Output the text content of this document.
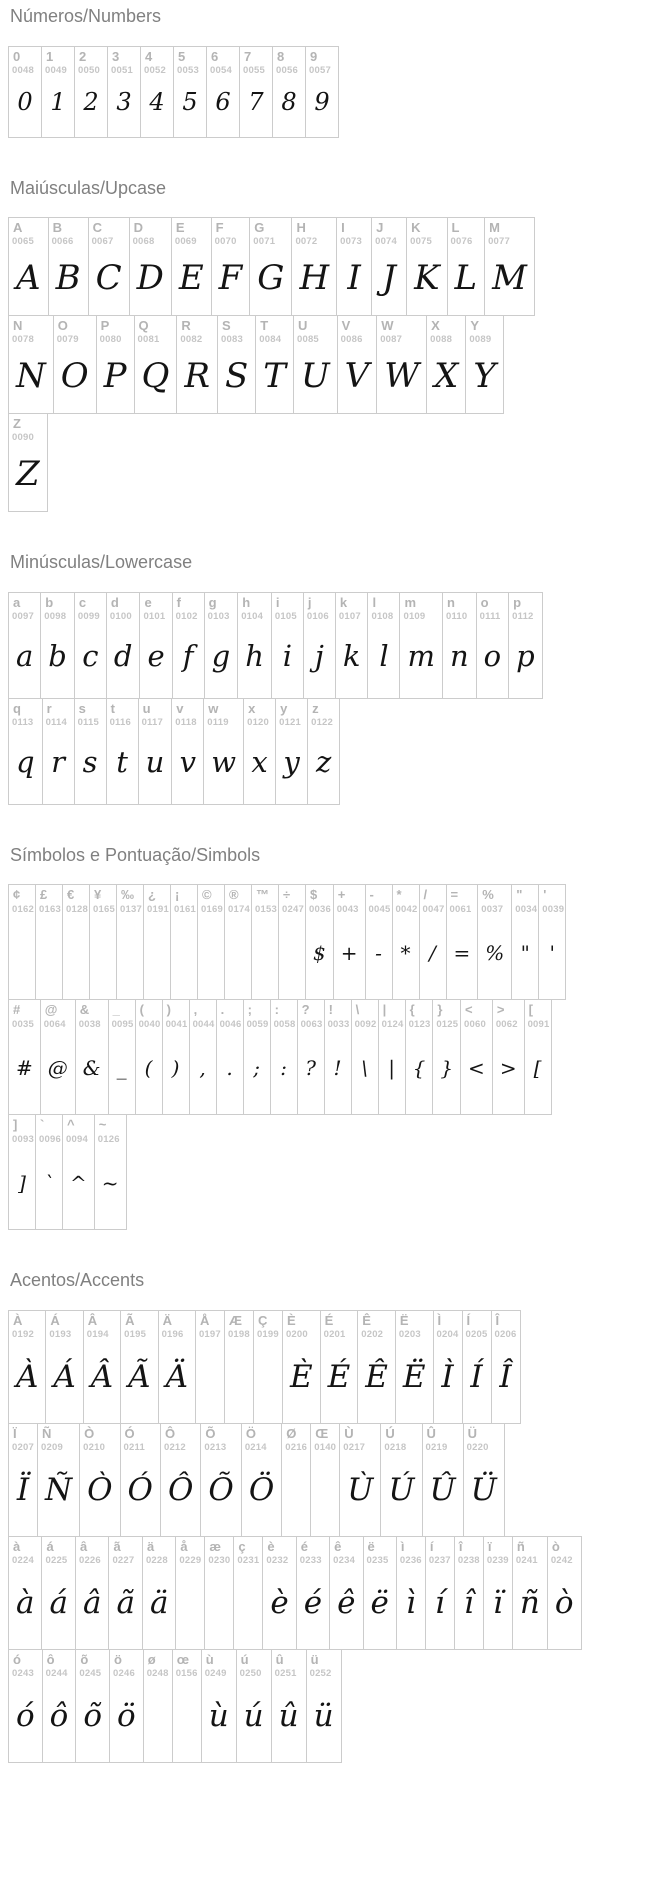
Números/Numbers
0
0048
0
1
0049
1
2
0050
2
3
0051
3
4
0052
4
5
0053
5
6
0054
6
7
0055
7
8
0056
8
9
0057
9
Maiúsculas/Upcase
A
0065
A
B
0066
B
C
0067
C
D
0068
D
E
0069
E
F
0070
F
G
0071
G
H
0072
H
I
0073
I
J
0074
J
K
0075
K
L
0076
L
M
0077
M
N
0078
N
O
0079
O
P
0080
P
Q
0081
Q
R
0082
R
S
0083
S
T
0084
T
U
0085
U
V
0086
V
W
0087
W
X
0088
X
Y
0089
Y
Z
0090
Z
Minúsculas/Lowercase
a
0097
a
b
0098
b
c
0099
c
d
0100
d
e
0101
e
f
0102
f
g
0103
g
h
0104
h
i
0105
i
j
0106
j
k
0107
k
l
0108
l
m
0109
m
n
0110
n
o
0111
o
p
0112
p
q
0113
q
r
0114
r
s
0115
s
t
0116
t
u
0117
u
v
0118
v
w
0119
w
x
0120
x
y
0121
y
z
0122
z
Símbolos e Pontuação/Simbols
¢
0162
£
0163
€
0128
¥
0165
‰
0137
¿
0191
¡
0161
©
0169
®
0174
™
0153
÷
0247
$
0036
$
+
0043
+
-
0045
-
*
0042
*
/
0047
/
=
0061
=
%
0037
%
"
0034
"
'
0039
'
#
0035
#
@
0064
@
&
0038
&
_
0095
_
(
0040
(
)
0041
)
,
0044
,
.
0046
.
;
0059
;
:
0058
:
?
0063
?
!
0033
!
\
0092
\
|
0124
|
{
0123
{
}
0125
}
<
0060
<
>
0062
>
[
0091
[
]
0093
]
`
0096
`
^
0094
^
~
0126
~
Acentos/Accents
À
0192
À
Á
0193
Á
Â
0194
Â
Ã
0195
Ã
Ä
0196
Ä
Å
0197
Æ
0198
Ç
0199
È
0200
È
É
0201
É
Ê
0202
Ê
Ë
0203
Ë
Ì
0204
Ì
Í
0205
Í
Î
0206
Î
Ï
0207
Ï
Ñ
0209
Ñ
Ò
0210
Ò
Ó
0211
Ó
Ô
0212
Ô
Õ
0213
Õ
Ö
0214
Ö
Ø
0216
Œ
0140
Ù
0217
Ù
Ú
0218
Ú
Û
0219
Û
Ü
0220
Ü
à
0224
à
á
0225
á
â
0226
â
ã
0227
ã
ä
0228
ä
å
0229
æ
0230
ç
0231
è
0232
è
é
0233
é
ê
0234
ê
ë
0235
ë
ì
0236
ì
í
0237
í
î
0238
î
ï
0239
ï
ñ
0241
ñ
ò
0242
ò
ó
0243
ó
ô
0244
ô
õ
0245
õ
ö
0246
ö
ø
0248
œ
0156
ù
0249
ù
ú
0250
ú
û
0251
û
ü
0252
ü
